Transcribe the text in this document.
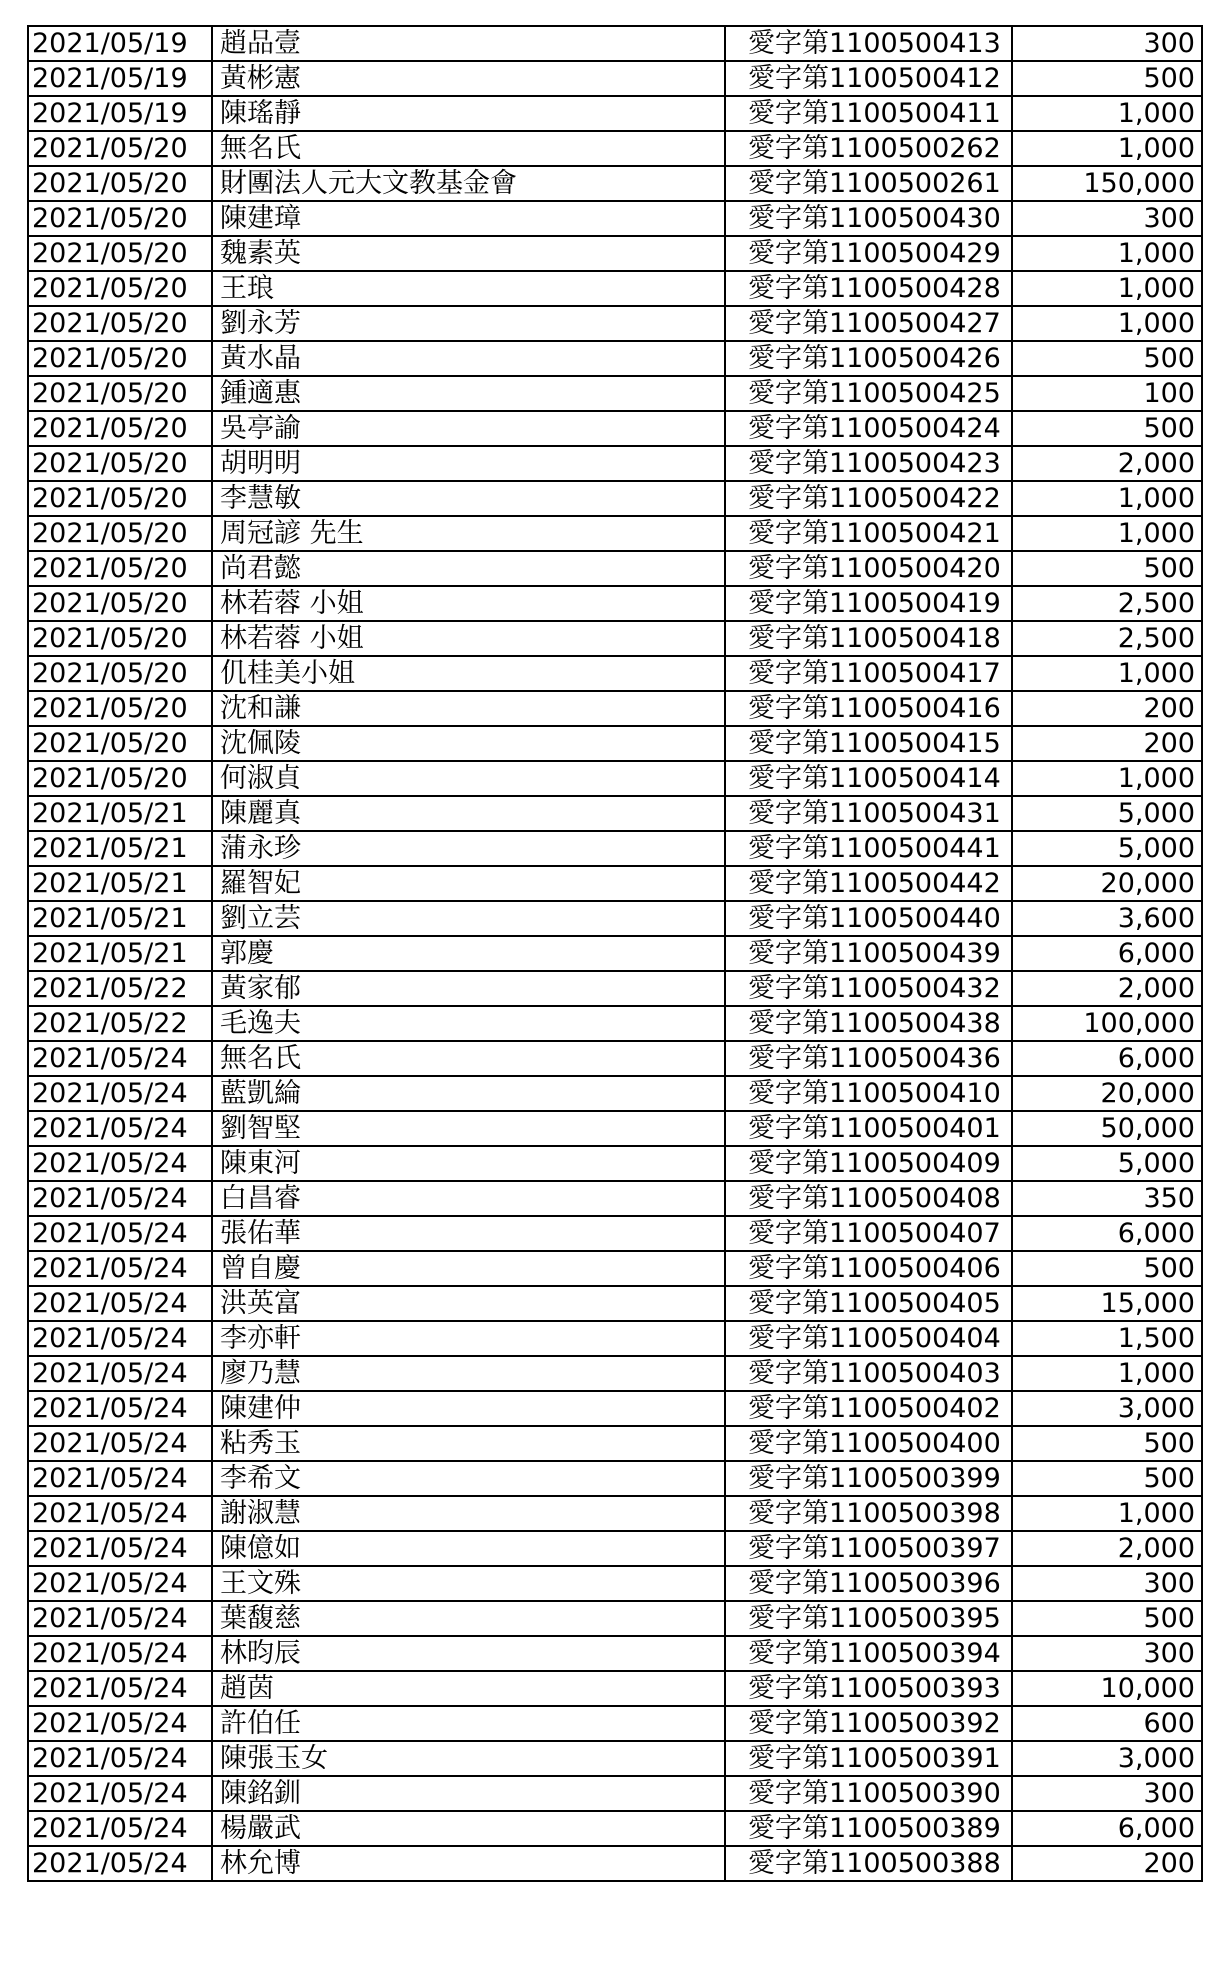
2021/05/19	趙品壹	愛字第1100500413	300
2021/05/19	黃彬憲	愛字第1100500412	500
2021/05/19	陳瑤靜	愛字第1100500411	1,000
2021/05/20	無名氏	愛字第1100500262	1,000
2021/05/20	財團法人元大文教基金會	愛字第1100500261	150,000
2021/05/20	陳建璋	愛字第1100500430	300
2021/05/20	魏素英	愛字第1100500429	1,000
2021/05/20	王琅	愛字第1100500428	1,000
2021/05/20	劉永芳	愛字第1100500427	1,000
2021/05/20	黃水晶	愛字第1100500426	500
2021/05/20	鍾適惠	愛字第1100500425	100
2021/05/20	吳亭諭	愛字第1100500424	500
2021/05/20	胡明明	愛字第1100500423	2,000
2021/05/20	李慧敏	愛字第1100500422	1,000
2021/05/20	周冠諺 先生	愛字第1100500421	1,000
2021/05/20	尚君懿	愛字第1100500420	500
2021/05/20	林若蓉 小姐	愛字第1100500419	2,500
2021/05/20	林若蓉 小姐	愛字第1100500418	2,500
2021/05/20	仉桂美小姐	愛字第1100500417	1,000
2021/05/20	沈和謙	愛字第1100500416	200
2021/05/20	沈佩陵	愛字第1100500415	200
2021/05/20	何淑貞	愛字第1100500414	1,000
2021/05/21	陳麗真	愛字第1100500431	5,000
2021/05/21	蒲永珍	愛字第1100500441	5,000
2021/05/21	羅智妃	愛字第1100500442	20,000
2021/05/21	劉立芸	愛字第1100500440	3,600
2021/05/21	郭慶	愛字第1100500439	6,000
2021/05/22	黃家郁	愛字第1100500432	2,000
2021/05/22	毛逸夫	愛字第1100500438	100,000
2021/05/24	無名氏	愛字第1100500436	6,000
2021/05/24	藍凱綸	愛字第1100500410	20,000
2021/05/24	劉智堅	愛字第1100500401	50,000
2021/05/24	陳東河	愛字第1100500409	5,000
2021/05/24	白昌睿	愛字第1100500408	350
2021/05/24	張佑華	愛字第1100500407	6,000
2021/05/24	曾自慶	愛字第1100500406	500
2021/05/24	洪英富	愛字第1100500405	15,000
2021/05/24	李亦軒	愛字第1100500404	1,500
2021/05/24	廖乃慧	愛字第1100500403	1,000
2021/05/24	陳建仲	愛字第1100500402	3,000
2021/05/24	粘秀玉	愛字第1100500400	500
2021/05/24	李希文	愛字第1100500399	500
2021/05/24	謝淑慧	愛字第1100500398	1,000
2021/05/24	陳億如	愛字第1100500397	2,000
2021/05/24	王文殊	愛字第1100500396	300
2021/05/24	葉馥慈	愛字第1100500395	500
2021/05/24	林昀辰	愛字第1100500394	300
2021/05/24	趙茵	愛字第1100500393	10,000
2021/05/24	許伯任	愛字第1100500392	600
2021/05/24	陳張玉女	愛字第1100500391	3,000
2021/05/24	陳銘釧	愛字第1100500390	300
2021/05/24	楊嚴武	愛字第1100500389	6,000
2021/05/24	林允博	愛字第1100500388	200
